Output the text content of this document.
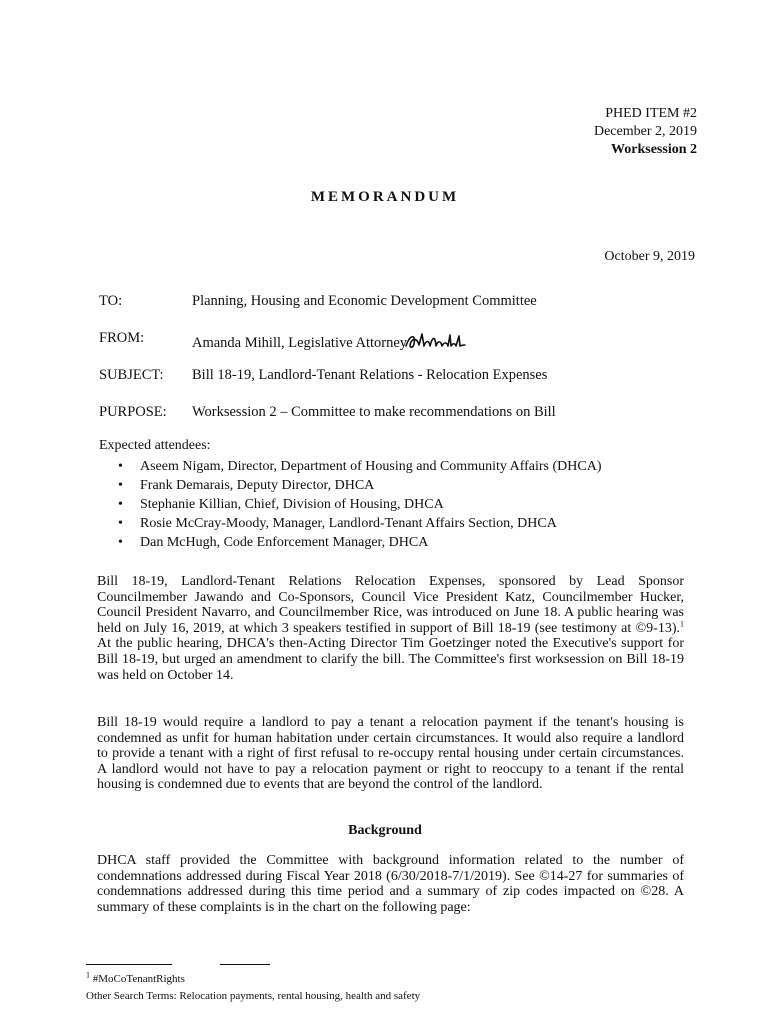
PHED ITEM #2
December 2, 2019
Worksession 2
MEMORANDUM
October 9, 2019
TO:	Planning, Housing and Economic Development Committee
FROM:	Amanda Mihill, Legislative Attorney
SUBJECT: Bill 18-19, Landlord-Tenant Relations - Relocation Expenses
PURPOSE: Worksession 2 – Committee to make recommendations on Bill
Expected attendees:
• Aseem Nigam, Director, Department of Housing and Community Affairs (DHCA)
• Frank Demarais, Deputy Director, DHCA
• Stephanie Killian, Chief, Division of Housing, DHCA
• Rosie McCray-Moody, Manager, Landlord-Tenant Affairs Section, DHCA
• Dan McHugh, Code Enforcement Manager, DHCA
Bill 18-19, Landlord-Tenant Relations Relocation Expenses, sponsored by Lead Sponsor Councilmember Jawando and Co-Sponsors, Council Vice President Katz, Councilmember Hucker, Council President Navarro, and Councilmember Rice, was introduced on June 18. A public hearing was held on July 16, 2019, at which 3 speakers testified in support of Bill 18-19 (see testimony at ©9-13).$^1$ At the public hearing, DHCA's then-Acting Director Tim Goetzinger noted the Executive's support for Bill 18-19, but urged an amendment to clarify the bill. The Committee's first worksession on Bill 18-19 was held on October 14.
Bill 18-19 would require a landlord to pay a tenant a relocation payment if the tenant's housing is condemned as unfit for human habitation under certain circumstances. It would also require a landlord to provide a tenant with a right of first refusal to re-occupy rental housing under certain circumstances. A landlord would not have to pay a relocation payment or right to reoccupy to a tenant if the rental housing is condemned due to events that are beyond the control of the landlord.
Background
DHCA staff provided the Committee with background information related to the number of condemnations addressed during Fiscal Year 2018 (6/30/2018-7/1/2019). See ©14-27 for summaries of condemnations addressed during this time period and a summary of zip codes impacted on ©28. A summary of these complaints is in the chart on the following page:
$^1$ #MoCoTenantRights
Other Search Terms: Relocation payments, rental housing, health and safety
